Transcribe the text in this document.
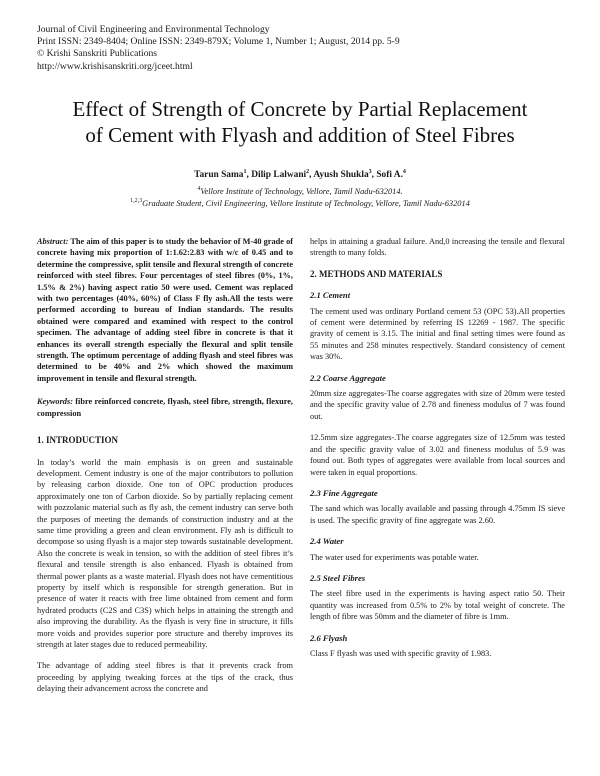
Journal of Civil Engineering and Environmental Technology
Print ISSN: 2349-8404; Online ISSN: 2349-879X; Volume 1, Number 1; August, 2014 pp. 5-9
© Krishi Sanskriti Publications
http://www.krishisanskriti.org/jceet.html
Effect of Strength of Concrete by Partial Replacement
of Cement with Flyash and addition of Steel Fibres
Tarun Sama$^1$, Dilip Lalwani$^2$, Ayush Shukla$^3$, Sofi A.$^4$
$^4$Vellore Institute of Technology, Vellore, Tamil Nadu-632014.
$^{1,2,3}$Graduate Student, Civil Engineering, Vellore Institute of Technology, Vellore, Tamil Nadu-632014

Abstract: The aim of this paper is to study the behavior of M-40 grade of concrete having mix proportion of 1:1.62:2.83 with w/c of 0.45 and to determine the compressive, split tensile and flexural strength of concrete reinforced with steel fibres. Four percentages of steel fibres (0%, 1%, 1.5% & 2%) having aspect ratio 50 were used. Cement was replaced with two percentages (40%, 60%) of Class F fly ash.All the tests were performed according to bureau of Indian standards. The results obtained were compared and examined with respect to the control specimen. The advantage of adding steel fibre in concrete is that it enhances its overall strength especially the flexural and split tensile strength. The optimum percentage of adding flyash and steel fibres was determined to be 40% and 2% which showed the maximum improvement in tensile and flexural strength.

Keywords: fibre reinforced concrete, flyash, steel fibre, strength, flexure, compression

1. INTRODUCTION

In today’s world the main emphasis is on green and sustainable development. Cement industry is one of the major contributors to pollution by releasing carbon dioxide. One ton of OPC production produces approximately one ton of Carbon dioxide. So by partially replacing cement with pozzolanic material such as fly ash, the cement industry can serve both the purposes of meeting the demands of construction industry and at the same time providing a green and clean environment. Fly ash is difficult to decompose so using flyash is a major step towards sustainable development. Also the concrete is weak in tension, so with the addition of steel fibres it’s flexural and tensile strength is also enhanced. Flyash is obtained from thermal power plants as a waste material. Flyash does not have cementitious property by itself which is responsible for strength generation. But in presence of water it reacts with free lime obtained from cement and form hydrated products (C2S and C3S) which helps in attaining the strength and also improving the durability. As the flyash is very fine in structure, it fills more voids and provides superior pore structure and thereby improves its strength at later stages due to reduced permeability.

The advantage of adding steel fibres is that it prevents crack from proceeding by applying tweaking forces at the tips of the crack, thus delaying their advancement across the concrete and

helps in attaining a gradual failure. And,0 increasing the tensile and flexural strength to many folds.

2. METHODS AND MATERIALS
2.1 Cement

The cement used was ordinary Portland cement 53 (OPC 53).All properties of cement were determined by referring IS 12269 - 1987. The specific gravity of cement is 3.15. The initial and final setting times were found as 55 minutes and 258 minutes respectively. Standard consistency of cement was 30%.

2.2 Coarse Aggregate

20mm size aggregates-The coarse aggregates with size of 20mm were tested and the specific gravity value of 2.78 and fineness modulus of 7 was found out.

12.5mm size aggregates-.The coarse aggregates size of 12.5mm was tested and the specific gravity value of 3.02 and fineness modulus of 5.9 was found out. Both types of aggregates were available from local sources and were taken in equal proportions.

2.3 Fine Aggregate

The sand which was locally available and passing through 4.75mm IS sieve is used. The specific gravity of fine aggregate was 2.60.

2.4 Water

The water used for experiments was potable water.

2.5 Steel Fibres

The steel fibre used in the experiments is having aspect ratio 50. Their quantity was increased from 0.5% to 2% by total weight of concrete. The length of fibre was 50mm and the diameter of fibre is 1mm.

2.6 Flyash

Class F flyash was used with specific gravity of 1.983.
